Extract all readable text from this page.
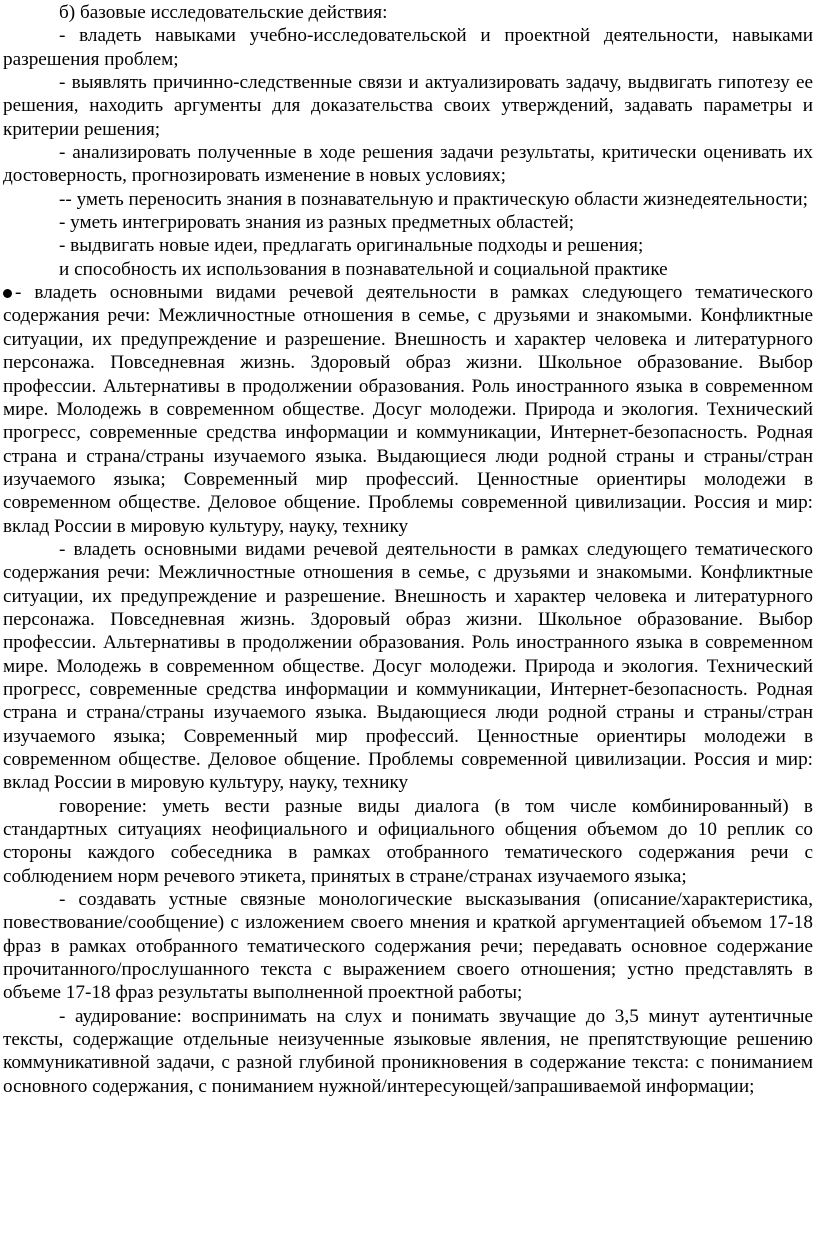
б) базовые исследовательские действия:

- владеть навыками учебно-исследовательской и проектной деятельности, навыками разрешения проблем;

- выявлять причинно-следственные связи и актуализировать задачу, выдвигать гипотезу ее решения, находить аргументы для доказательства своих утверждений, задавать параметры и критерии решения;

- анализировать полученные в ходе решения задачи результаты, критически оценивать их достоверность, прогнозировать изменение в новых условиях;

-- уметь переносить знания в познавательную и практическую области жизнедеятельности;

- уметь интегрировать знания из разных предметных областей;

- выдвигать новые идеи, предлагать оригинальные подходы и решения;

и способность их использования в познавательной и социальной практике

- владеть основными видами речевой деятельности в рамках следующего тематического содержания речи: Межличностные отношения в семье, с друзьями и знакомыми. Конфликтные ситуации, их предупреждение и разрешение. Внешность и характер человека и литературного персонажа. Повседневная жизнь. Здоровый образ жизни. Школьное образование. Выбор профессии. Альтернативы в продолжении образования. Роль иностранного языка в современном мире. Молодежь в современном обществе. Досуг молодежи. Природа и экология. Технический прогресс, современные средства информации и коммуникации, Интернет-безопасность. Родная страна и страна/страны изучаемого языка. Выдающиеся люди родной страны и страны/стран изучаемого языка; Современный мир профессий. Ценностные ориентиры молодежи в современном обществе. Деловое общение. Проблемы современной цивилизации. Россия и мир: вклад России в мировую культуру, науку, технику

- владеть основными видами речевой деятельности в рамках следующего тематического содержания речи: Межличностные отношения в семье, с друзьями и знакомыми. Конфликтные ситуации, их предупреждение и разрешение. Внешность и характер человека и литературного персонажа. Повседневная жизнь. Здоровый образ жизни. Школьное образование. Выбор профессии. Альтернативы в продолжении образования. Роль иностранного языка в современном мире. Молодежь в современном обществе. Досуг молодежи. Природа и экология. Технический прогресс, современные средства информации и коммуникации, Интернет-безопасность. Родная страна и страна/страны изучаемого языка. Выдающиеся люди родной страны и страны/стран изучаемого языка; Современный мир профессий. Ценностные ориентиры молодежи в современном обществе. Деловое общение. Проблемы современной цивилизации. Россия и мир: вклад России в мировую культуру, науку, технику

говорение: уметь вести разные виды диалога (в том числе комбинированный) в стандартных ситуациях неофициального и официального общения объемом до 10 реплик со стороны каждого собеседника в рамках отобранного тематического содержания речи с соблюдением норм речевого этикета, принятых в стране/странах изучаемого языка;

- создавать устные связные монологические высказывания (описание/характеристика, повествование/сообщение) с изложением своего мнения и краткой аргументацией объемом 17-18 фраз в рамках отобранного тематического содержания речи; передавать основное содержание прочитанного/прослушанного текста с выражением своего отношения; устно представлять в объеме 17-18 фраз результаты выполненной проектной работы;

- аудирование: воспринимать на слух и понимать звучащие до 3,5 минут аутентичные тексты, содержащие отдельные неизученные языковые явления, не препятствующие решению коммуникативной задачи, с разной глубиной проникновения в содержание текста: с пониманием основного содержания, с пониманием нужной/интересующей/запрашиваемой информации;
